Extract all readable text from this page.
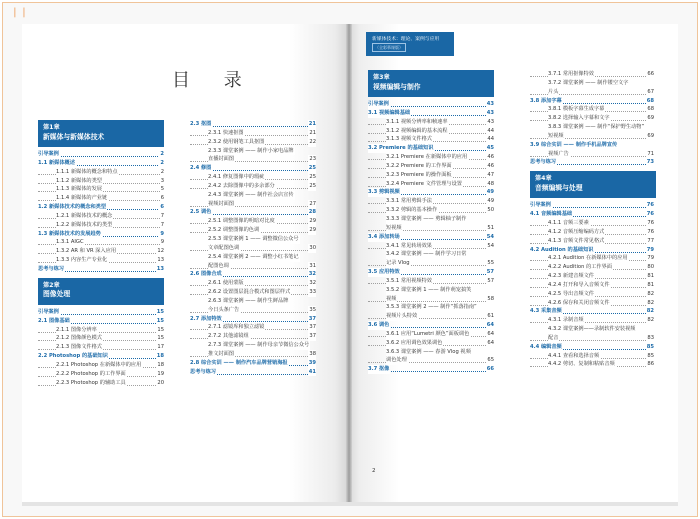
| |
目 录
第1章
新媒体与新媒体技术
引导案例	2
1.1 新媒体概述	2
1.1.1 新媒体的概念和特点	2
1.1.2 新媒体的类型	3
1.1.3 新媒体的发展	5
1.1.4 新媒体的产业链	6
1.2 新媒体技术的概念和类型	6
1.2.1 新媒体技术的概念	7
1.2.2 新媒体技术的类型	7
1.3 新媒体技术的发展趋势	9
1.3.1 AIGC	9
1.3.2 AR 和 VR 深入应用	12
1.3.3 内容生产专业化	13
思考与练习	13
第2章
图像处理
引导案例	15
2.1 图像基础	15
2.1.1 图像分辨率	15
2.1.2 图像颜色模式	15
2.1.3 图像文件格式	17
2.2 Photoshop 的基础知识	18
2.2.1 Photoshop 在新媒体中的应用	18
2.2.2 Photoshop 的工作界面	19
2.2.3 Photoshop 的辅助工具	20
2.3 抠图	21
2.3.1 快速抠图	21
2.3.2 使用钢笔工具抠图	22
2.3.3 课堂案例 —— 制作小家电品牌
直播封面图	23
2.4 修图	25
2.4.1 修复图像中的瑕疵	25
2.4.2 去除图像中的多余部分	25
2.4.3 课堂案例 —— 制作社会店宣传
视频封面图	27
2.5 调色	28
2.5.1 调整图像的明暗对比度	29
2.5.2 调整图像的色调	29
2.5.3 课堂案例 1 —— 调整微信公众号
文章配图色调	30
2.5.4 课堂案例 2 —— 调整小红书笔记
配图色调	31
2.6 图像合成	32
2.6.1 使用蒙版	32
2.6.2 设置图层混合模式和图层样式	33
2.6.3 课堂案例 —— 制作生鲜品牌
今日头条广告	35
2.7 添加特效	37
2.7.1 滤镜库和独立滤镜	37
2.7.2 其他滤镜组	37
2.7.3 课堂案例 —— 制作母亲节微信公众号
推文封面图	38
2.8 综合实训 —— 制作汽车品牌营销海报	39
思考与练习	41
新媒体技术：理论、案例与应用
（全彩慕课版）
第3章
视频编辑与制作
引导案例	43
3.1 视频编辑基础	43
3.1.1 视频分辨率和帧速率	43
3.1.2 视频编辑的基本流程	44
3.1.3 视频文件格式	44
3.2 Premiere 的基础知识	45
3.2.1 Premiere 在新媒体中的应用	46
3.2.2 Premiere 的工作界面	46
3.2.3 Premiere 的操作面板	47
3.2.4 Premiere 文件管理与设置	48
3.3 剪辑视频	49
3.3.1 常用剪辑手法	49
3.3.2 剪辑的基本操作	50
3.3.3 课堂案例 —— 剪辑柚子制作
短视频	51
3.4 添加转场	54
3.4.1 常见转场效果	54
3.4.2 课堂案例 —— 制作学习日常
记录 Vlog	55
3.5 应用特效	57
3.5.1 常用视频特效	57
3.5.2 课堂案例 1 —— 制作萌宠搞笑
视频	58
3.5.3 课堂案例 2 —— 制作“抓落指南”
视频片头特效	61
3.6 调色	64
3.6.1 应用“Lumetri 颜色”面板调色	64
3.6.2 应用调色效果调色	64
3.6.3 课堂案例 —— 春游 Vlog 视频
调色处理	65
3.7 抠像	66
3.7.1 常用抠像特效	66
3.7.2 课堂案例 —— 制作镂空文字
片头	67
3.8 添加字幕	68
3.8.1 模板字幕生成字幕	68
3.8.2 选择输入字幕和文字	69
3.8.3 课堂案例 —— 制作“保护野生动物”
短视频	69
3.9 综合实训 —— 制作手机品牌宣传
视频广告	71
思考与练习	73
第4章
音频编辑与处理
引导案例	76
4.1 音频编辑基础	76
4.1.1 音频三要素	76
4.1.2 音频压缩编码方式	76
4.1.3 音频文件常见格式	77
4.2 Audition 的基础知识	79
4.2.1 Audition 在新媒体中的应用	79
4.2.2 Audition 的工作界面	80
4.2.3 新建音频文件	81
4.2.4 打开和导入音频文件	81
4.2.5 导出音频文件	82
4.2.6 保存和关闭音频文件	82
4.3 采集音频	82
4.3.1 录制音频	82
4.3.2 课堂案例——录制软件安装视频
配音	83
4.4 编辑音频	85
4.4.1 查看和选择音频	85
4.4.2 剪切、复制和粘贴音频	86
2
